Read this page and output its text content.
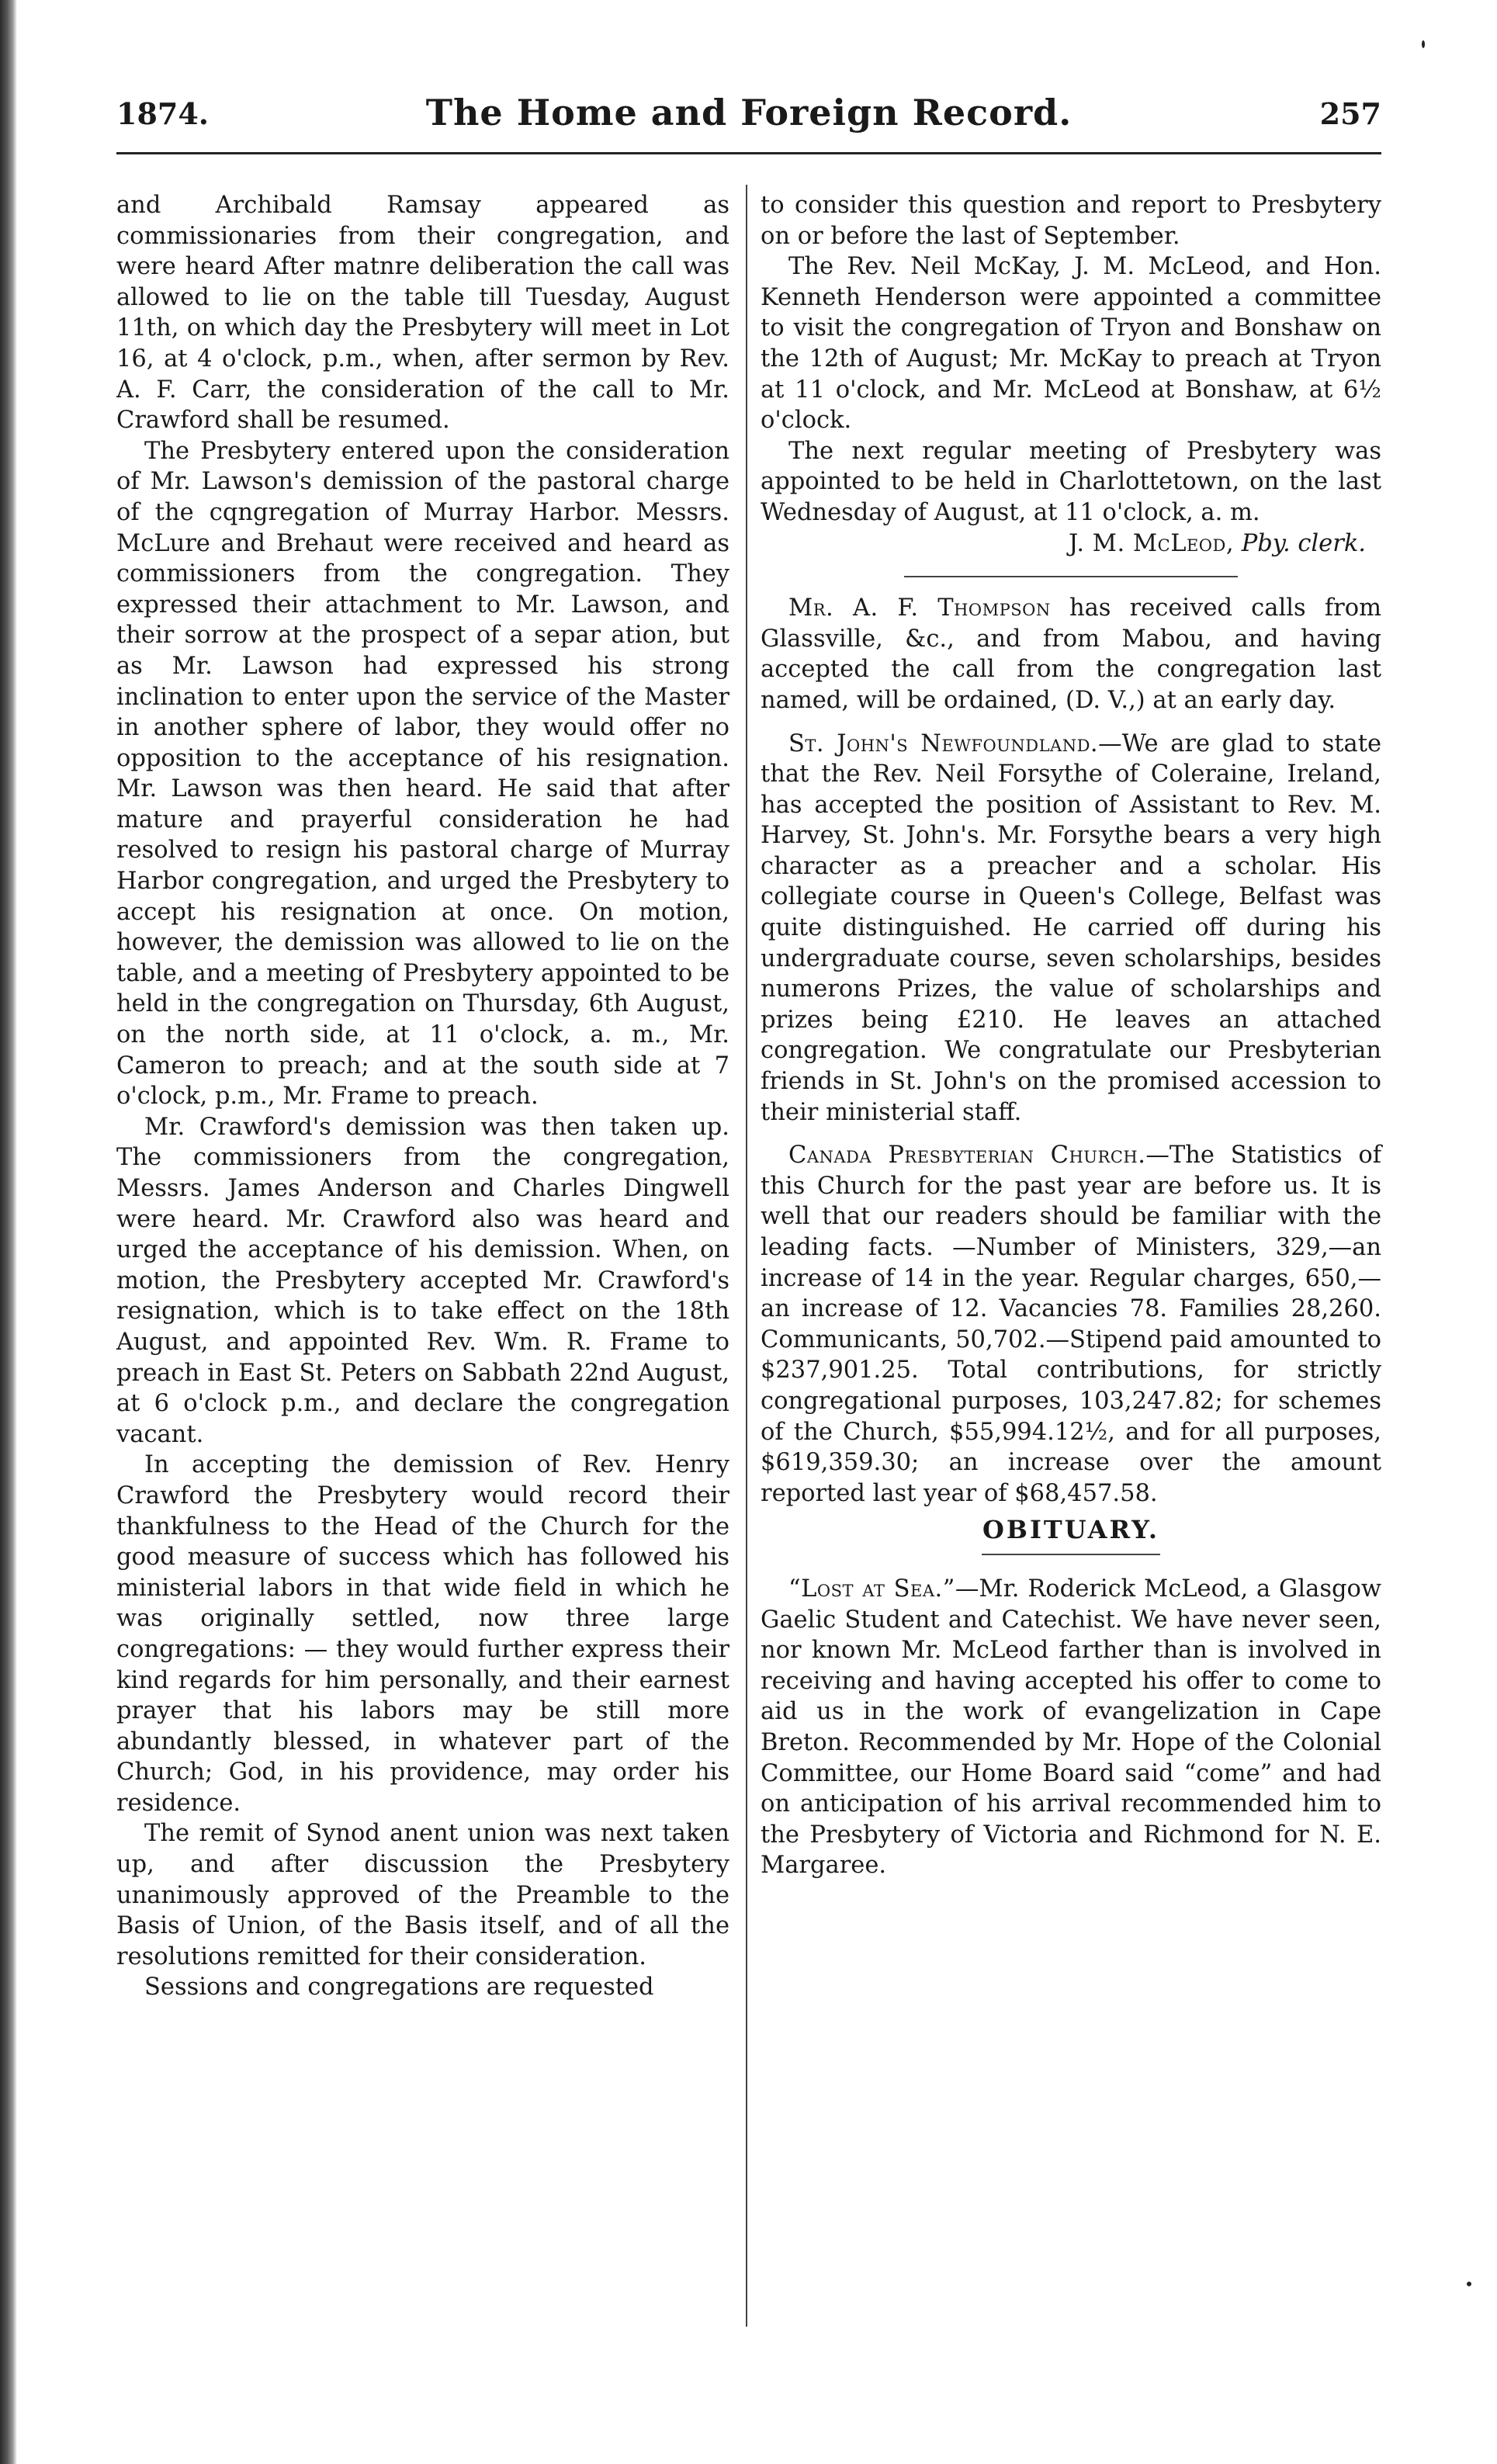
1874.	The Home and Foreign Record.	257

and Archibald Ramsay appeared as commissionaries from their congregation, and were heard After matnre deliberation the call was allowed to lie on the table till Tuesday, August 11th, on which day the Presbytery will meet in Lot 16, at 4 o'clock, p.m., when, after sermon by Rev. A. F. Carr, the consideration of the call to Mr. Crawford shall be resumed.

The Presbytery entered upon the consideration of Mr. Lawson's demission of the pastoral charge of the cqngregation of Murray Harbor. Messrs. McLure and Brehaut were received and heard as commissioners from the congregation. They expressed their attachment to Mr. Lawson, and their sorrow at the prospect of a separ ation, but as Mr. Lawson had expressed his strong inclination to enter upon the service of the Master in another sphere of labor, they would offer no opposition to the acceptance of his resignation. Mr. Lawson was then heard. He said that after mature and prayerful consideration he had resolved to resign his pastoral charge of Murray Harbor congregation, and urged the Presbytery to accept his resignation at once. On motion, however, the demission was allowed to lie on the table, and a meeting of Presbytery appointed to be held in the congregation on Thursday, 6th August, on the north side, at 11 o'clock, a. m., Mr. Cameron to preach; and at the south side at 7 o'clock, p.m., Mr. Frame to preach.

Mr. Crawford's demission was then taken up. The commissioners from the congregation, Messrs. James Anderson and Charles Dingwell were heard. Mr. Crawford also was heard and urged the acceptance of his demission. When, on motion, the Presbytery accepted Mr. Crawford's resignation, which is to take effect on the 18th August, and appointed Rev. Wm. R. Frame to preach in East St. Peters on Sabbath 22nd August, at 6 o'clock p.m., and declare the congregation vacant.

In accepting the demission of Rev. Henry Crawford the Presbytery would record their thankfulness to the Head of the Church for the good measure of success which has followed his ministerial labors in that wide field in which he was originally settled, now three large congregations: — they would further express their kind regards for him personally, and their earnest prayer that his labors may be still more abundantly blessed, in whatever part of the Church; God, in his providence, may order his residence.

The remit of Synod anent union was next taken up, and after discussion the Presbytery unanimously approved of the Preamble to the Basis of Union, of the Basis itself, and of all the resolutions remitted for their consideration.

Sessions and congregations are requested

to consider this question and report to Presbytery on or before the last of September.

The Rev. Neil McKay, J. M. McLeod, and Hon. Kenneth Henderson were appointed a committee to visit the congregation of Tryon and Bonshaw on the 12th of August; Mr. McKay to preach at Tryon at 11 o'clock, and Mr. McLeod at Bonshaw, at 6½ o'clock.

The next regular meeting of Presbytery was appointed to be held in Charlottetown, on the last Wednesday of August, at 11 o'clock, a. m.

J. M. McLeod, Pby. clerk.

Mr. A. F. Thompson has received calls from Glassville, &c., and from Mabou, and having accepted the call from the congregation last named, will be ordained, (D. V.,) at an early day.

St. John's Newfoundland.—We are glad to state that the Rev. Neil Forsythe of Coleraine, Ireland, has accepted the position of Assistant to Rev. M. Harvey, St. John's. Mr. Forsythe bears a very high character as a preacher and a scholar. His collegiate course in Queen's College, Belfast was quite distinguished. He carried off during his undergraduate course, seven scholarships, besides numerons Prizes, the value of scholarships and prizes being £210. He leaves an attached congregation. We congratulate our Presbyterian friends in St. John's on the promised accession to their ministerial staff.

Canada Presbyterian Church.—The Statistics of this Church for the past year are before us. It is well that our readers should be familiar with the leading facts. —Number of Ministers, 329,—an increase of 14 in the year. Regular charges, 650,— an increase of 12. Vacancies 78. Families 28,260. Communicants, 50,702.—Stipend paid amounted to $237,901.25. Total contributions, for strictly congregational purposes, 103,247.82; for schemes of the Church, $55,994.12½, and for all purposes, $619,359.30; an increase over the amount reported last year of $68,457.58.

OBITUARY.

“Lost at Sea.”—Mr. Roderick McLeod, a Glasgow Gaelic Student and Catechist. We have never seen, nor known Mr. McLeod farther than is involved in receiving and having accepted his offer to come to aid us in the work of evangelization in Cape Breton. Recommended by Mr. Hope of the Colonial Committee, our Home Board said “come” and had on anticipation of his arrival recommended him to the Presbytery of Victoria and Richmond for N. E. Margaree.
